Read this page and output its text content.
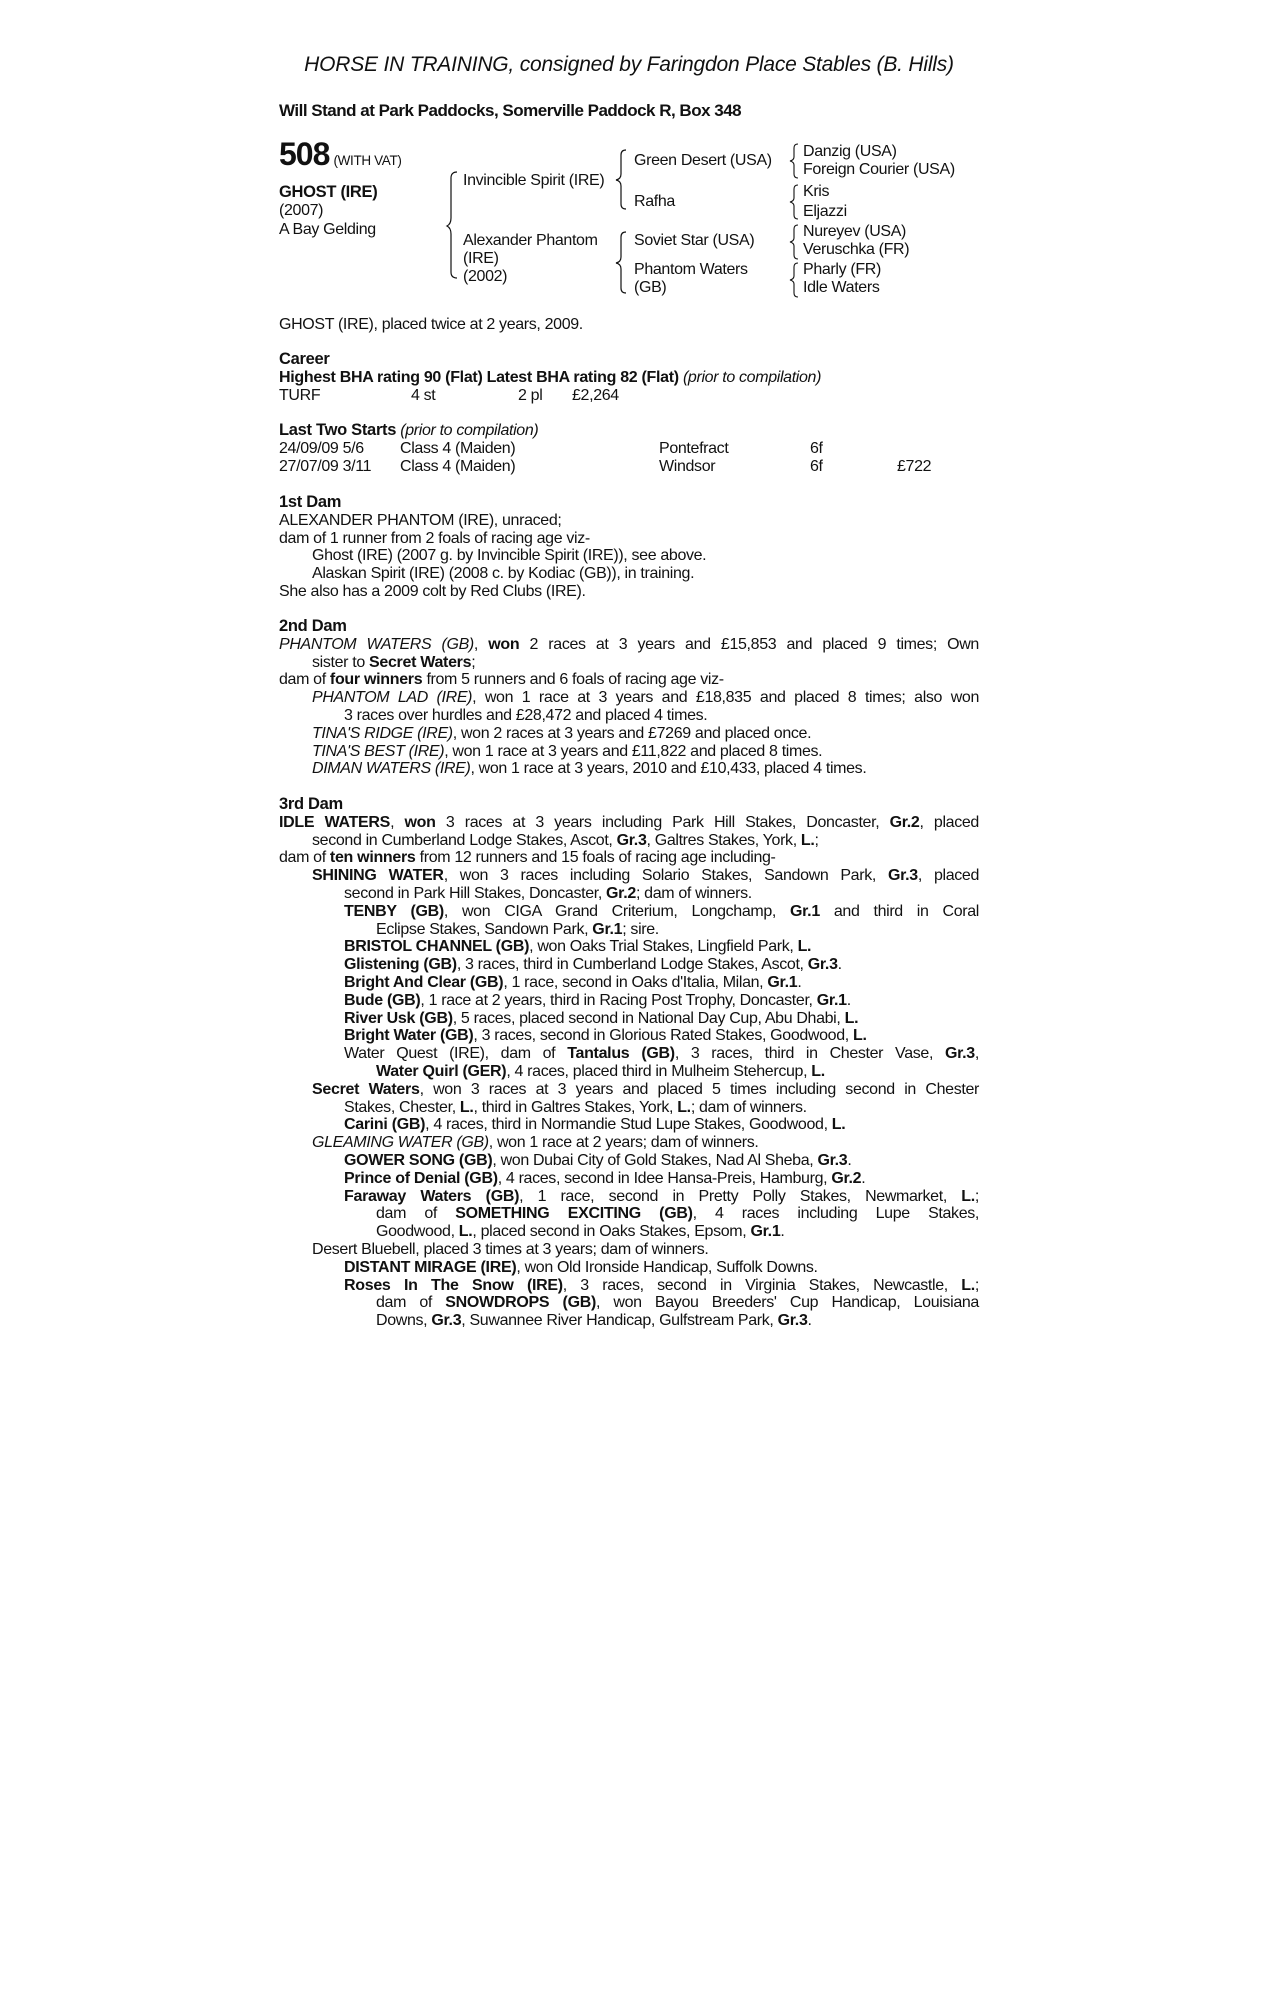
HORSE IN TRAINING, consigned by Faringdon Place Stables (B. Hills)
Will Stand at Park Paddocks, Somerville Paddock R, Box 348
508 (WITH VAT)
GHOST (IRE)
(2007)
A Bay Gelding
Invincible Spirit (IRE)
Alexander Phantom
(IRE)
(2002)
Green Desert (USA)
Rafha
Soviet Star (USA)
Phantom Waters
(GB)
Danzig (USA)
Foreign Courier (USA)
Kris
Eljazzi
Nureyev (USA)
Veruschka (FR)
Pharly (FR)
Idle Waters
GHOST (IRE), placed twice at 2 years, 2009.
Career
Highest BHA rating 90 (Flat) Latest BHA rating 82 (Flat) (prior to compilation)
TURF	4 st	2 pl £2,264
Last Two Starts (prior to compilation)
24/09/09 5/6 Class 4 (Maiden)	Pontefract	6f
27/07/09 3/11 Class 4 (Maiden)	Windsor	6f	£722
1st Dam
ALEXANDER PHANTOM (IRE), unraced;
dam of 1 runner from 2 foals of racing age viz-
Ghost (IRE) (2007 g. by Invincible Spirit (IRE)), see above.
Alaskan Spirit (IRE) (2008 c. by Kodiac (GB)), in training.
She also has a 2009 colt by Red Clubs (IRE).
2nd Dam
PHANTOM WATERS (GB), won 2 races at 3 years and £15,853 and placed 9 times; Own
sister to Secret Waters;
dam of four winners from 5 runners and 6 foals of racing age viz-
PHANTOM LAD (IRE), won 1 race at 3 years and £18,835 and placed 8 times; also won
3 races over hurdles and £28,472 and placed 4 times.
TINA'S RIDGE (IRE), won 2 races at 3 years and £7269 and placed once.
TINA'S BEST (IRE), won 1 race at 3 years and £11,822 and placed 8 times.
DIMAN WATERS (IRE), won 1 race at 3 years, 2010 and £10,433, placed 4 times.
3rd Dam
IDLE WATERS, won 3 races at 3 years including Park Hill Stakes, Doncaster, Gr.2, placed
second in Cumberland Lodge Stakes, Ascot, Gr.3, Galtres Stakes, York, L.;
dam of ten winners from 12 runners and 15 foals of racing age including-
SHINING WATER, won 3 races including Solario Stakes, Sandown Park, Gr.3, placed
second in Park Hill Stakes, Doncaster, Gr.2; dam of winners.
TENBY (GB), won CIGA Grand Criterium, Longchamp, Gr.1 and third in Coral
Eclipse Stakes, Sandown Park, Gr.1; sire.
BRISTOL CHANNEL (GB), won Oaks Trial Stakes, Lingfield Park, L.
Glistening (GB), 3 races, third in Cumberland Lodge Stakes, Ascot, Gr.3.
Bright And Clear (GB), 1 race, second in Oaks d'Italia, Milan, Gr.1.
Bude (GB), 1 race at 2 years, third in Racing Post Trophy, Doncaster, Gr.1.
River Usk (GB), 5 races, placed second in National Day Cup, Abu Dhabi, L.
Bright Water (GB), 3 races, second in Glorious Rated Stakes, Goodwood, L.
Water Quest (IRE), dam of Tantalus (GB), 3 races, third in Chester Vase, Gr.3,
Water Quirl (GER), 4 races, placed third in Mulheim Stehercup, L.
Secret Waters, won 3 races at 3 years and placed 5 times including second in Chester
Stakes, Chester, L., third in Galtres Stakes, York, L.; dam of winners.
Carini (GB), 4 races, third in Normandie Stud Lupe Stakes, Goodwood, L.
GLEAMING WATER (GB), won 1 race at 2 years; dam of winners.
GOWER SONG (GB), won Dubai City of Gold Stakes, Nad Al Sheba, Gr.3.
Prince of Denial (GB), 4 races, second in Idee Hansa-Preis, Hamburg, Gr.2.
Faraway Waters (GB), 1 race, second in Pretty Polly Stakes, Newmarket, L.;
dam of SOMETHING EXCITING (GB), 4 races including Lupe Stakes,
Goodwood, L., placed second in Oaks Stakes, Epsom, Gr.1.
Desert Bluebell, placed 3 times at 3 years; dam of winners.
DISTANT MIRAGE (IRE), won Old Ironside Handicap, Suffolk Downs.
Roses In The Snow (IRE), 3 races, second in Virginia Stakes, Newcastle, L.;
dam of SNOWDROPS (GB), won Bayou Breeders' Cup Handicap, Louisiana
Downs, Gr.3, Suwannee River Handicap, Gulfstream Park, Gr.3.
